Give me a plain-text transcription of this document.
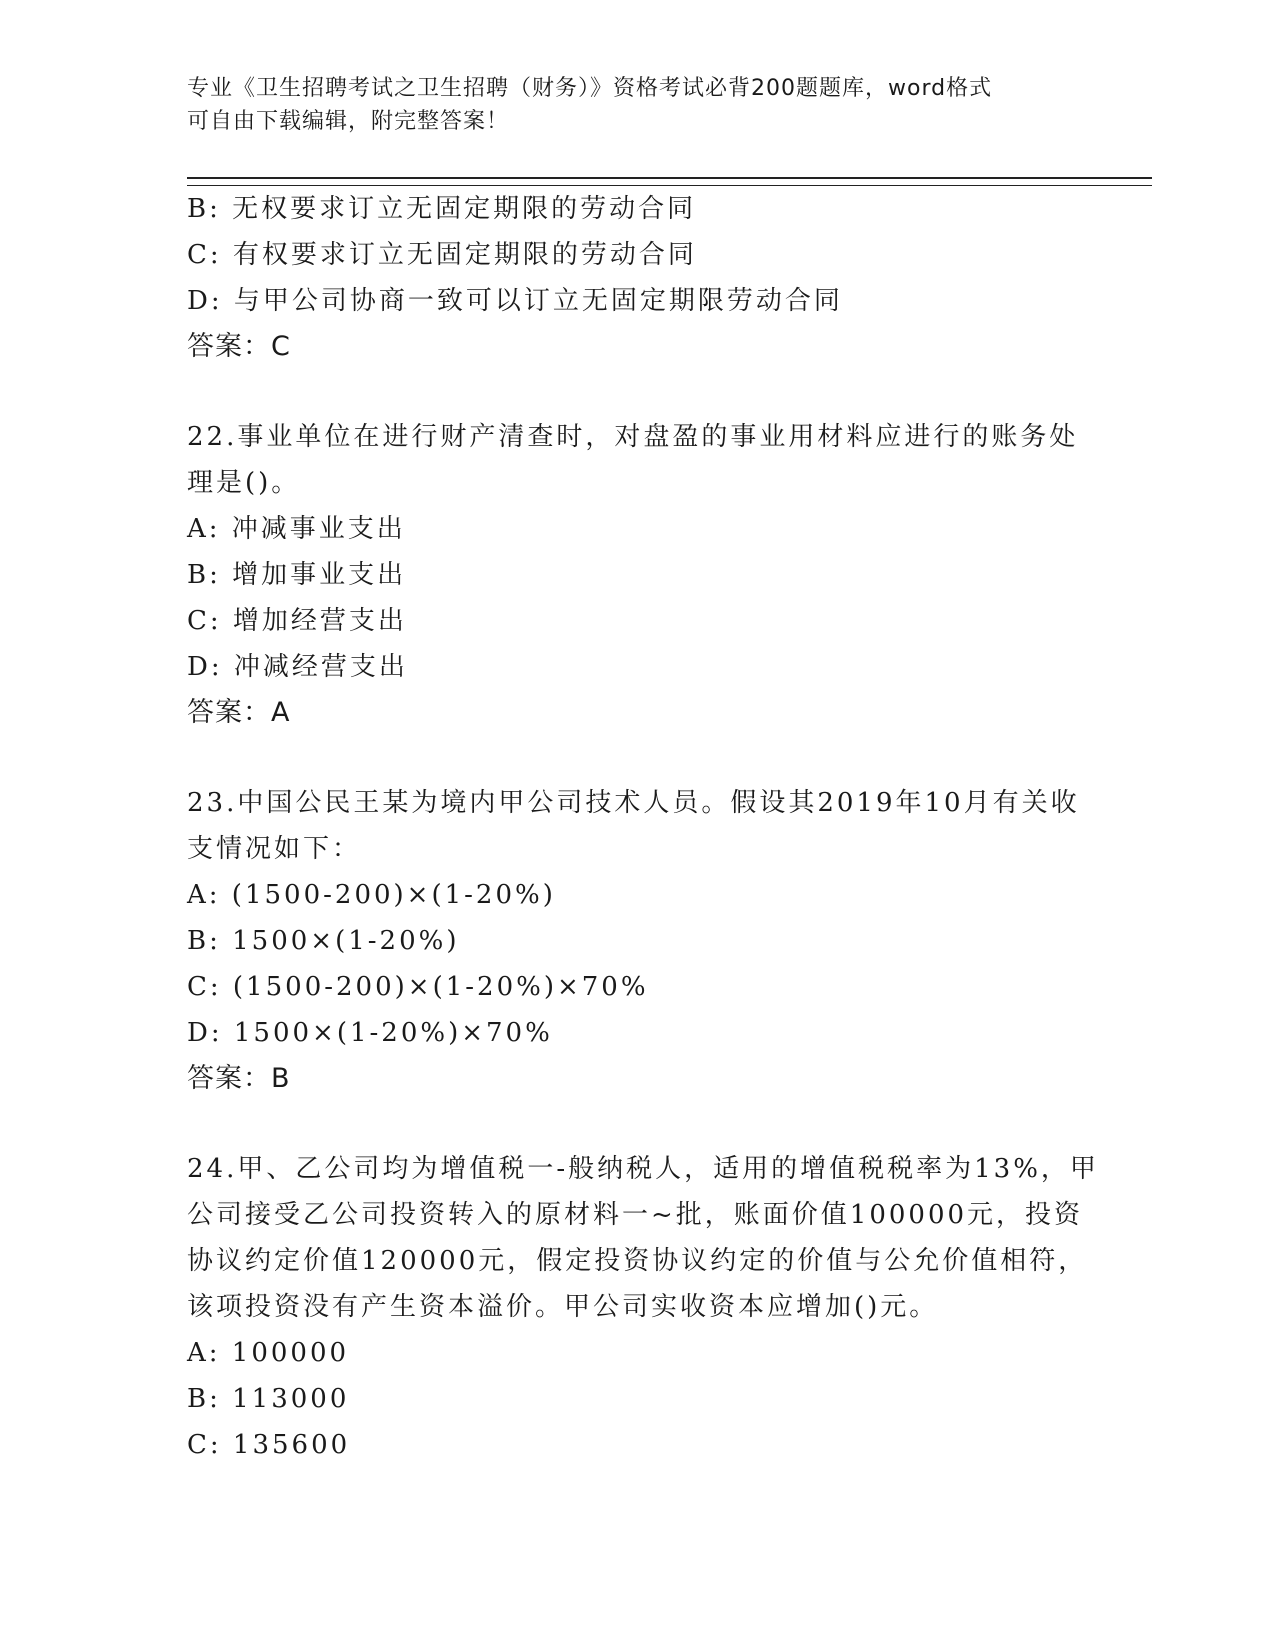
专业《卫生招聘考试之卫生招聘（财务）》资格考试必背200题题库，word格式
可自由下载编辑，附完整答案！
B: 无权要求订立无固定期限的劳动合同
C: 有权要求订立无固定期限的劳动合同
D: 与甲公司协商一致可以订立无固定期限劳动合同
答案：C
22.事业单位在进行财产清查时，对盘盈的事业用材料应进行的账务处
理是()。
A: 冲减事业支出
B: 增加事业支出
C: 增加经营支出
D: 冲减经营支出
答案：A
23.中国公民王某为境内甲公司技术人员。假设其2019年10月有关收
支情况如下：
A: (1500-200)×(1-20%)
B: 1500×(1-20%)
C: (1500-200)×(1-20%)×70%
D: 1500×(1-20%)×70%
答案：B
24.甲、乙公司均为增值税一-般纳税人，适用的增值税税率为13%，甲
公司接受乙公司投资转入的原材料一~批，账面价值100000元，投资
协议约定价值120000元，假定投资协议约定的价值与公允价值相符，
该项投资没有产生资本溢价。甲公司实收资本应增加()元。
A: 100000
B: 113000
C: 135600
